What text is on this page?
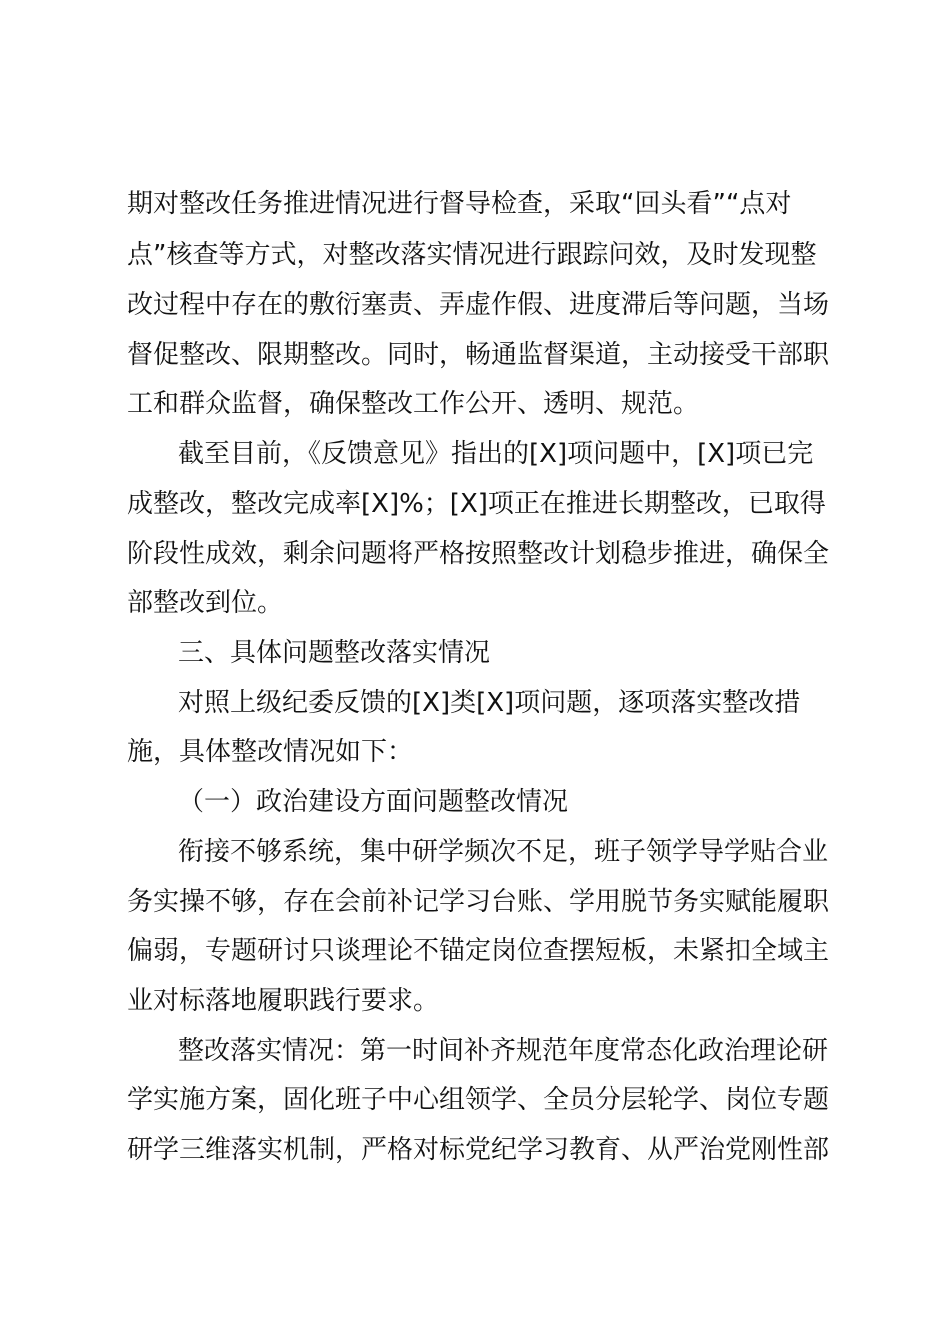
期对整改任务推进情况进行督导检查，采取“回头看”“点对
点”核查等方式，对整改落实情况进行跟踪问效，及时发现整
改过程中存在的敷衍塞责、弄虚作假、进度滞后等问题，当场
督促整改、限期整改。同时，畅通监督渠道，主动接受干部职
工和群众监督，确保整改工作公开、透明、规范。
截至目前，《反馈意见》指出的[X]项问题中，[X]项已完
成整改，整改完成率[X]%；[X]项正在推进长期整改，已取得
阶段性成效，剩余问题将严格按照整改计划稳步推进，确保全
部整改到位。
三、具体问题整改落实情况
对照上级纪委反馈的[X]类[X]项问题，逐项落实整改措
施，具体整改情况如下：
（一）政治建设方面问题整改情况
衔接不够系统，集中研学频次不足，班子领学导学贴合业
务实操不够，存在会前补记学习台账、学用脱节务实赋能履职
偏弱，专题研讨只谈理论不锚定岗位查摆短板，未紧扣全域主
业对标落地履职践行要求。
整改落实情况：第一时间补齐规范年度常态化政治理论研
学实施方案，固化班子中心组领学、全员分层轮学、岗位专题
研学三维落实机制，严格对标党纪学习教育、从严治党刚性部
